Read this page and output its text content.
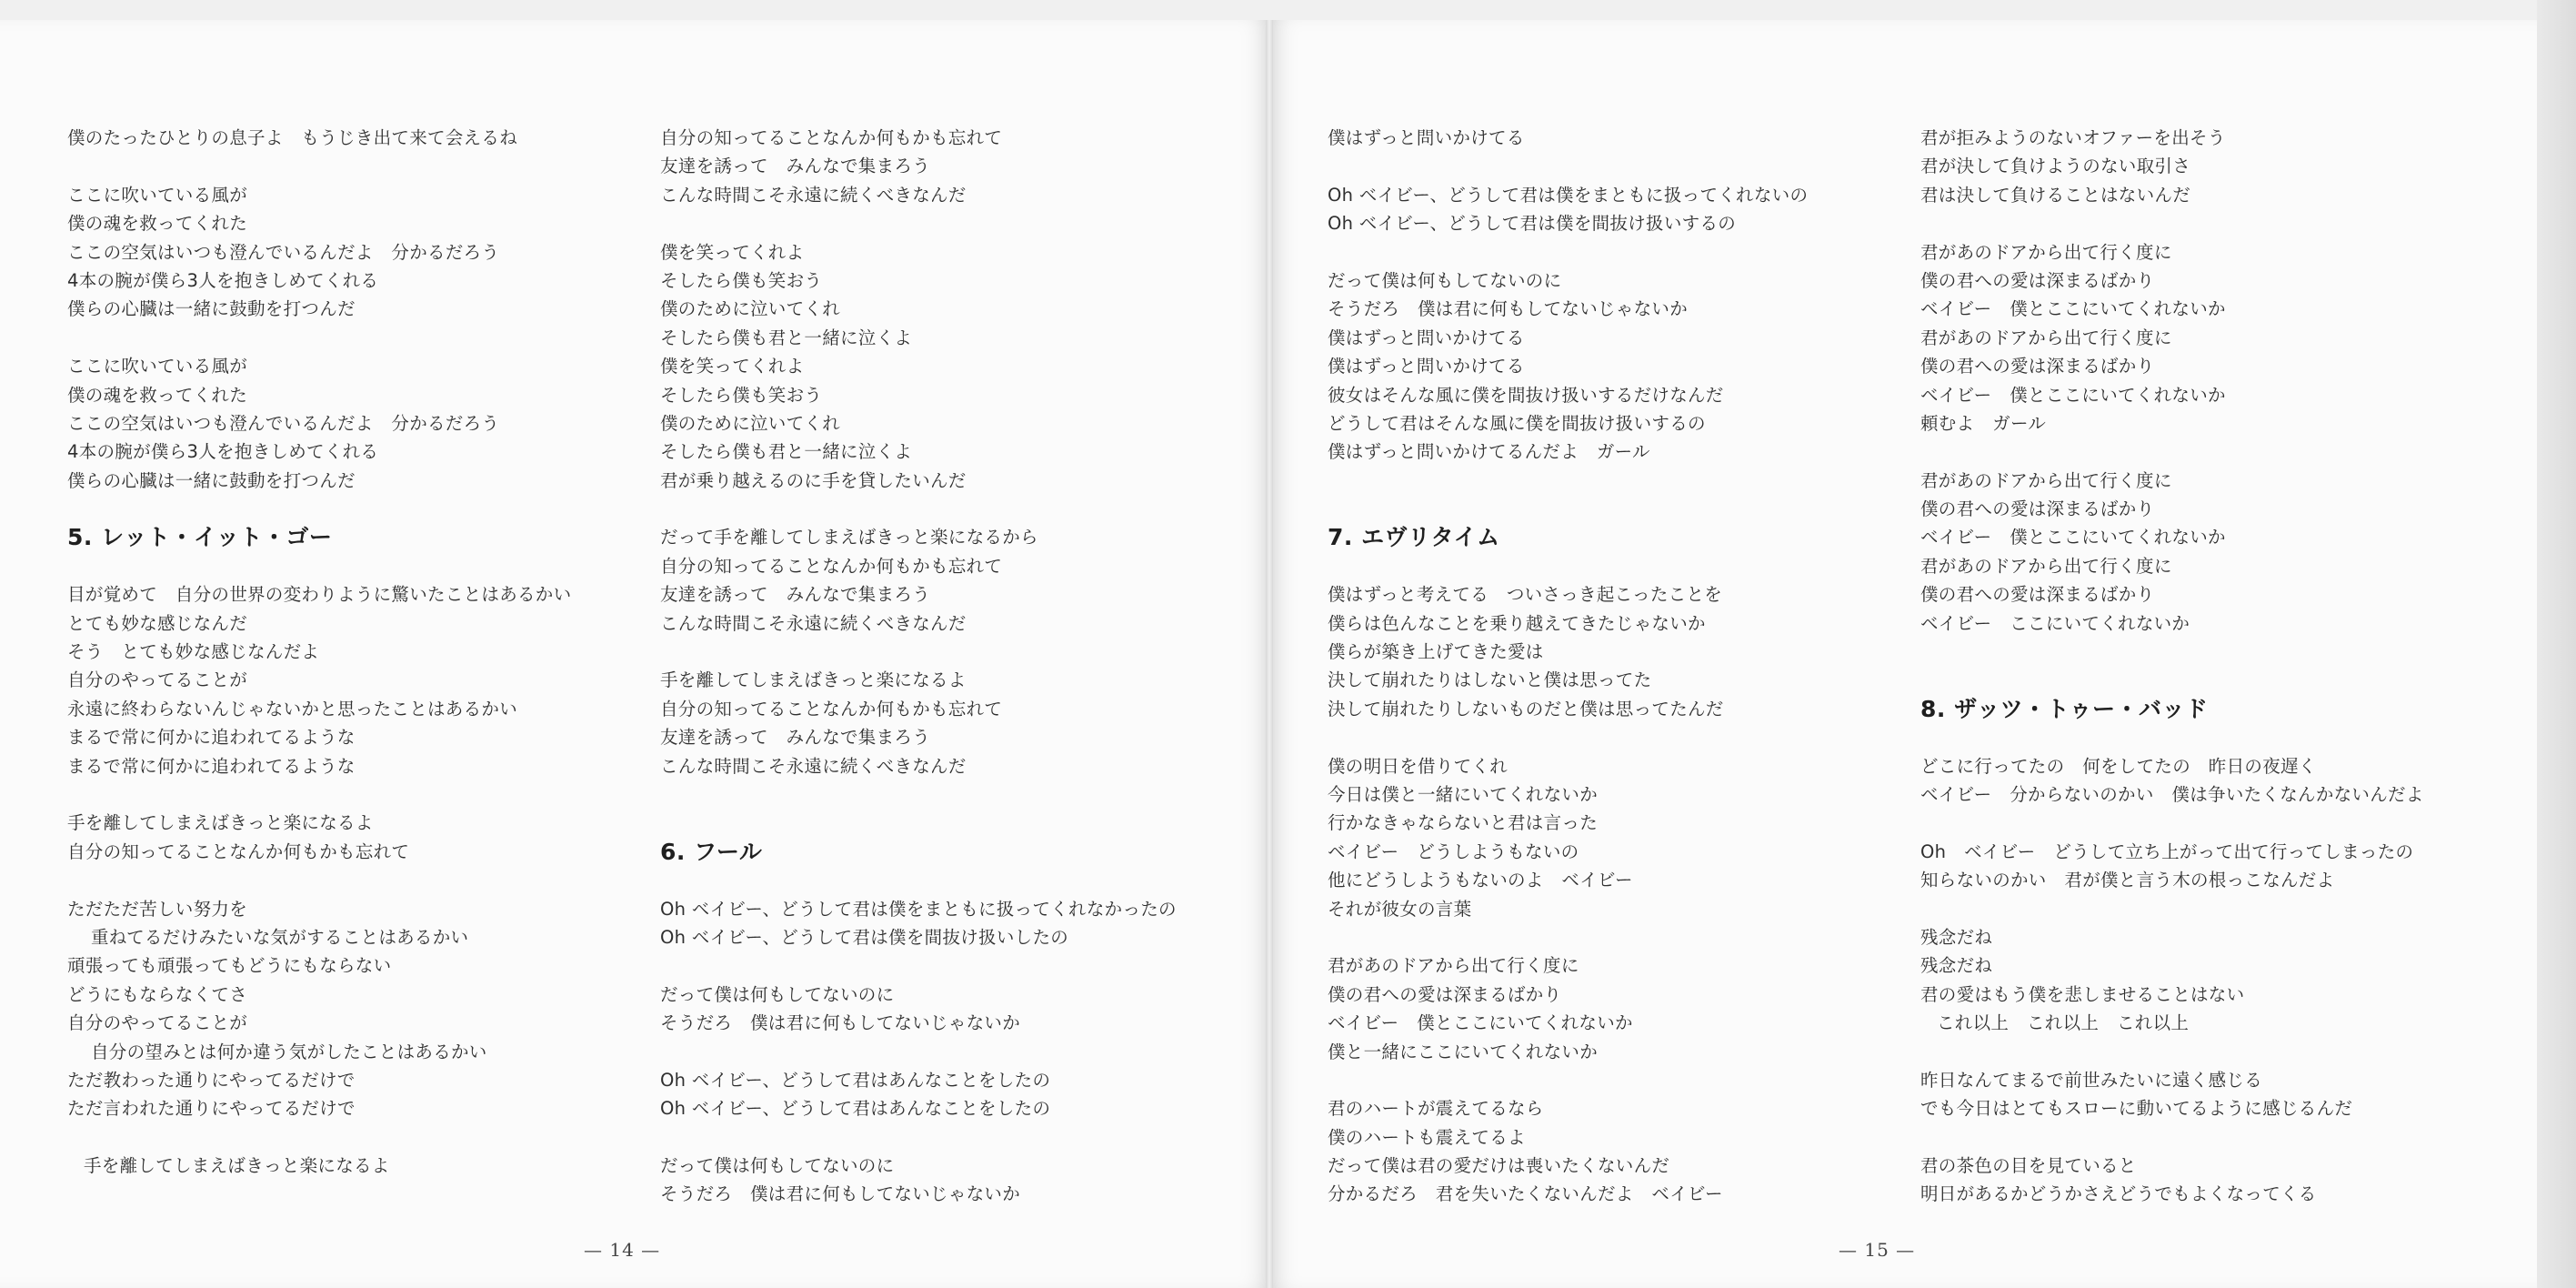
僕のたったひとりの息子よ　もうじき出て来て会えるね
ここに吹いている風が
僕の魂を救ってくれた
ここの空気はいつも澄んでいるんだよ　分かるだろう
4本の腕が僕ら3人を抱きしめてくれる
僕らの心臓は一緒に鼓動を打つんだ
ここに吹いている風が
僕の魂を救ってくれた
ここの空気はいつも澄んでいるんだよ　分かるだろう
4本の腕が僕ら3人を抱きしめてくれる
僕らの心臓は一緒に鼓動を打つんだ
5. レット・イット・ゴー
目が覚めて　自分の世界の変わりように驚いたことはあるかい
とても妙な感じなんだ
そう　とても妙な感じなんだよ
自分のやってることが
永遠に終わらないんじゃないかと思ったことはあるかい
まるで常に何かに追われてるような
まるで常に何かに追われてるような
手を離してしまえばきっと楽になるよ
自分の知ってることなんか何もかも忘れて
ただただ苦しい努力を
重ねてるだけみたいな気がすることはあるかい
頑張っても頑張ってもどうにもならない
どうにもならなくてさ
自分のやってることが
自分の望みとは何か違う気がしたことはあるかい
ただ教わった通りにやってるだけで
ただ言われた通りにやってるだけで
手を離してしまえばきっと楽になるよ
自分の知ってることなんか何もかも忘れて
友達を誘って　みんなで集まろう
こんな時間こそ永遠に続くべきなんだ
僕を笑ってくれよ
そしたら僕も笑おう
僕のために泣いてくれ
そしたら僕も君と一緒に泣くよ
僕を笑ってくれよ
そしたら僕も笑おう
僕のために泣いてくれ
そしたら僕も君と一緒に泣くよ
君が乗り越えるのに手を貸したいんだ
だって手を離してしまえばきっと楽になるから
自分の知ってることなんか何もかも忘れて
友達を誘って　みんなで集まろう
こんな時間こそ永遠に続くべきなんだ
手を離してしまえばきっと楽になるよ
自分の知ってることなんか何もかも忘れて
友達を誘って　みんなで集まろう
こんな時間こそ永遠に続くべきなんだ
6. フール
Oh ベイビー、どうして君は僕をまともに扱ってくれなかったの
Oh ベイビー、どうして君は僕を間抜け扱いしたの
だって僕は何もしてないのに
そうだろ　僕は君に何もしてないじゃないか
Oh ベイビー、どうして君はあんなことをしたの
Oh ベイビー、どうして君はあんなことをしたの
だって僕は何もしてないのに
そうだろ　僕は君に何もしてないじゃないか
僕はずっと問いかけてる
Oh ベイビー、どうして君は僕をまともに扱ってくれないの
Oh ベイビー、どうして君は僕を間抜け扱いするの
だって僕は何もしてないのに
そうだろ　僕は君に何もしてないじゃないか
僕はずっと問いかけてる
僕はずっと問いかけてる
彼女はそんな風に僕を間抜け扱いするだけなんだ
どうして君はそんな風に僕を間抜け扱いするの
僕はずっと問いかけてるんだよ　ガール
7. エヴリタイム
僕はずっと考えてる　ついさっき起こったことを
僕らは色んなことを乗り越えてきたじゃないか
僕らが築き上げてきた愛は
決して崩れたりはしないと僕は思ってた
決して崩れたりしないものだと僕は思ってたんだ
僕の明日を借りてくれ
今日は僕と一緒にいてくれないか
行かなきゃならないと君は言った
ベイビー　どうしようもないの
他にどうしようもないのよ　ベイビー
それが彼女の言葉
君があのドアから出て行く度に
僕の君への愛は深まるばかり
ベイビー　僕とここにいてくれないか
僕と一緒にここにいてくれないか
君のハートが震えてるなら
僕のハートも震えてるよ
だって僕は君の愛だけは喪いたくないんだ
分かるだろ　君を失いたくないんだよ　ベイビー
君が拒みようのないオファーを出そう
君が決して負けようのない取引さ
君は決して負けることはないんだ
君があのドアから出て行く度に
僕の君への愛は深まるばかり
ベイビー　僕とここにいてくれないか
君があのドアから出て行く度に
僕の君への愛は深まるばかり
ベイビー　僕とここにいてくれないか
頼むよ　ガール
君があのドアから出て行く度に
僕の君への愛は深まるばかり
ベイビー　僕とここにいてくれないか
君があのドアから出て行く度に
僕の君への愛は深まるばかり
ベイビー　ここにいてくれないか
8. ザッツ・トゥー・バッド
どこに行ってたの　何をしてたの　昨日の夜遅く
ベイビー　分からないのかい　僕は争いたくなんかないんだよ
Oh　ベイビー　どうして立ち上がって出て行ってしまったの
知らないのかい　君が僕と言う木の根っこなんだよ
残念だね
残念だね
君の愛はもう僕を悲しませることはない
これ以上　これ以上　これ以上
昨日なんてまるで前世みたいに遠く感じる
でも今日はとてもスローに動いてるように感じるんだ
君の茶色の目を見ていると
明日があるかどうかさえどうでもよくなってくる
— 14 —	— 15 —
